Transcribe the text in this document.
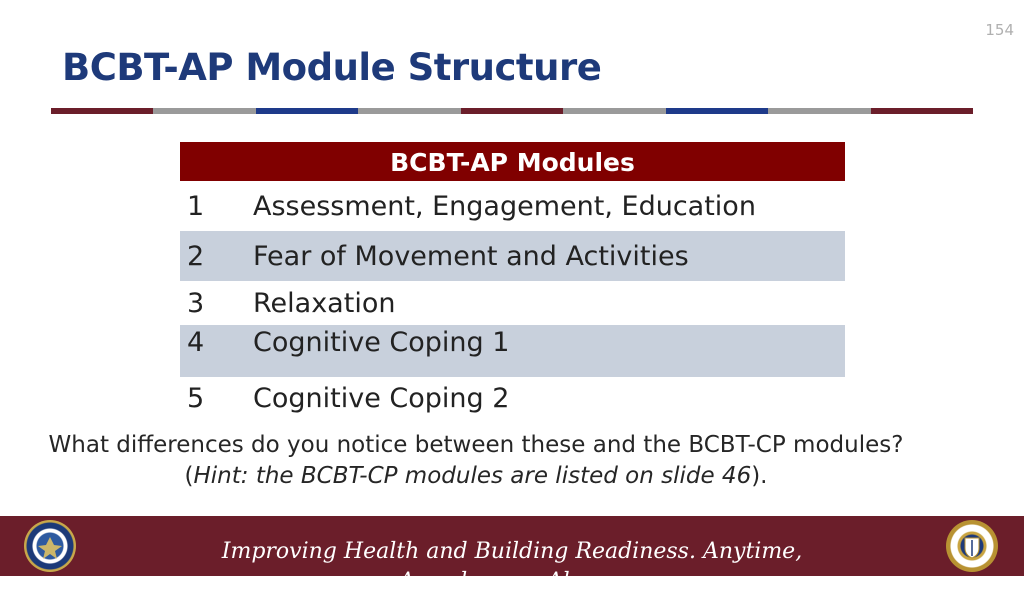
154
BCBT-AP Module Structure
BCBT-AP Modules
1	Assessment, Engagement, Education
2	Fear of Movement and Activities
3	Relaxation
4	Cognitive Coping 1
5	Cognitive Coping 2
What differences do you notice between these and the BCBT-CP modules?
(Hint: the BCBT-CP modules are listed on slide 46).
Improving Health and Building Readiness. Anytime,
Anywhere — Always
